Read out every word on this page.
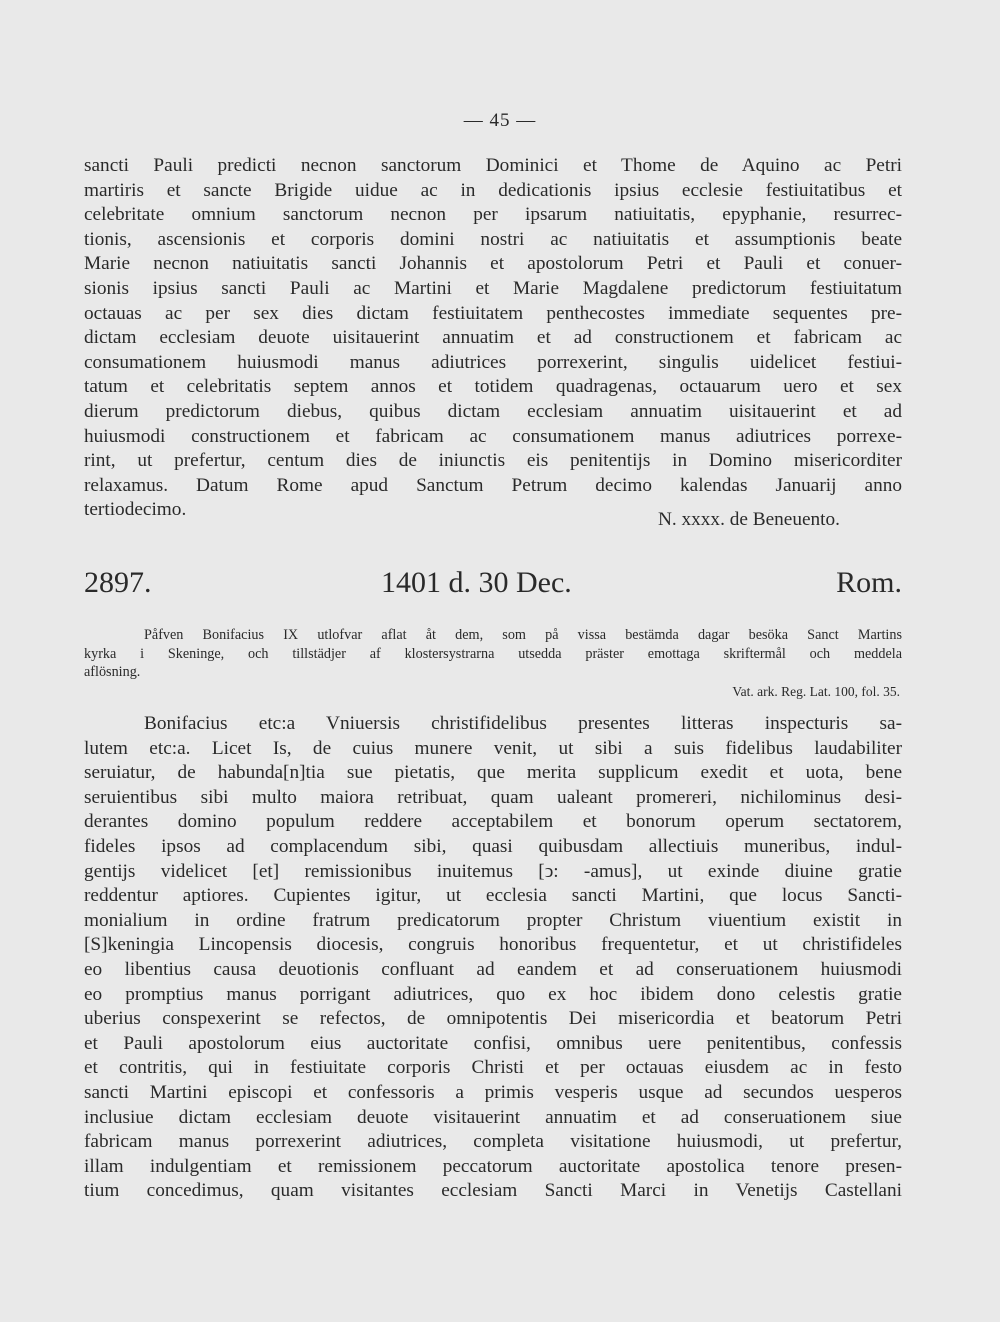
— 45 —
sancti Pauli predicti necnon sanctorum Dominici et Thome de Aquino ac Petri
martiris et sancte Brigide uidue ac in dedicationis ipsius ecclesie festiuitatibus et
celebritate omnium sanctorum necnon per ipsarum natiuitatis, epyphanie, resurrec-
tionis, ascensionis et corporis domini nostri ac natiuitatis et assumptionis beate
Marie necnon natiuitatis sancti Johannis et apostolorum Petri et Pauli et conuer-
sionis ipsius sancti Pauli ac Martini et Marie Magdalene predictorum festiuitatum
octauas ac per sex dies dictam festiuitatem penthecostes immediate sequentes pre-
dictam ecclesiam deuote uisitauerint annuatim et ad constructionem et fabricam ac
consumationem huiusmodi manus adiutrices porrexerint, singulis uidelicet festiui-
tatum et celebritatis septem annos et totidem quadragenas, octauarum uero et sex
dierum predictorum diebus, quibus dictam ecclesiam annuatim uisitauerint et ad
huiusmodi constructionem et fabricam ac consumationem manus adiutrices porrexe-
rint, ut prefertur, centum dies de iniunctis eis penitentijs in Domino misericorditer
relaxamus. Datum Rome apud Sanctum Petrum decimo kalendas Januarij anno
tertiodecimo.	N. xxxx. de Beneuento.
2897.	1401 d. 30 Dec.	Rom.
Påfven Bonifacius IX utlofvar aflat åt dem, som på vissa bestämda dagar besöka Sanct Martins
kyrka i Skeninge, och tillstädjer af klostersystrarna utsedda präster emottaga skriftermål och meddela
aflösning.
Vat. ark. Reg. Lat. 100, fol. 35.
Bonifacius etc:a Vniuersis christifidelibus presentes litteras inspecturis sa-
lutem etc:a. Licet Is, de cuius munere venit, ut sibi a suis fidelibus laudabiliter
seruiatur, de habunda[n]tia sue pietatis, que merita supplicum exedit et uota, bene
seruientibus sibi multo maiora retribuat, quam ualeant promereri, nichilominus desi-
derantes domino populum reddere acceptabilem et bonorum operum sectatorem,
fideles ipsos ad complacendum sibi, quasi quibusdam allectiuis muneribus, indul-
gentijs videlicet [et] remissionibus inuitemus [ↄ: -amus], ut exinde diuine gratie
reddentur aptiores. Cupientes igitur, ut ecclesia sancti Martini, que locus Sancti-
monialium in ordine fratrum predicatorum propter Christum viuentium existit in
[S]keningia Lincopensis diocesis, congruis honoribus frequentetur, et ut christifideles
eo libentius causa deuotionis confluant ad eandem et ad conseruationem huiusmodi
eo promptius manus porrigant adiutrices, quo ex hoc ibidem dono celestis gratie
uberius conspexerint se refectos, de omnipotentis Dei misericordia et beatorum Petri
et Pauli apostolorum eius auctoritate confisi, omnibus uere penitentibus, confessis
et contritis, qui in festiuitate corporis Christi et per octauas eiusdem ac in festo
sancti Martini episcopi et confessoris a primis vesperis usque ad secundos uesperos
inclusiue dictam ecclesiam deuote visitauerint annuatim et ad conseruationem siue
fabricam manus porrexerint adiutrices, completa visitatione huiusmodi, ut prefertur,
illam indulgentiam et remissionem peccatorum auctoritate apostolica tenore presen-
tium concedimus, quam visitantes ecclesiam Sancti Marci in Venetijs Castellani
